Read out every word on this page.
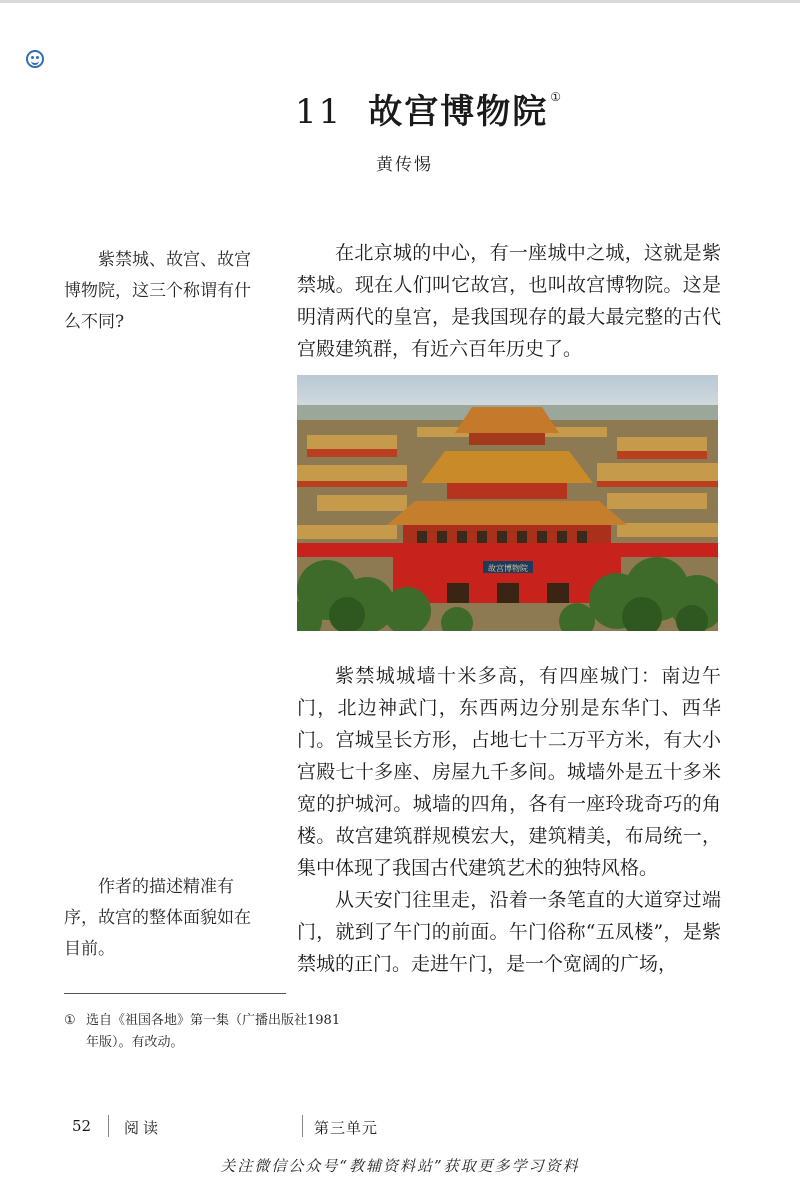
11 故宫博物院 ①
黄传惕

紫禁城、故宫、故宫博物院，这三个称谓有什么不同?

在北京城的中心，有一座城中之城，这就是紫禁城。现在人们叫它故宫，也叫故宫博物院。这是明清两代的皇宫，是我国现存的最大最完整的古代宫殿建筑群，有近六百年历史了。

故宫博物院

紫禁城城墙十米多高，有四座城门：南边午门，北边神武门，东西两边分别是东华门、西华门。宫城呈长方形，占地七十二万平方米，有大小宫殿七十多座、房屋九千多间。城墙外是五十多米宽的护城河。城墙的四角，各有一座玲珑奇巧的角楼。故宫建筑群规模宏大，建筑精美，布局统一，集中体现了我国古代建筑艺术的独特风格。

从天安门往里走，沿着一条笔直的大道穿过端门，就到了午门的前面。午门俗称“五凤楼”，是紫禁城的正门。走进午门，是一个宽阔的广场，

作者的描述精准有序，故宫的整体面貌如在目前。

① 选自《祖国各地》第一集（广播出版社1981
年版）。有改动。
52 阅读	第三单元
关注微信公众号“教辅资料站”获取更多学习资料
